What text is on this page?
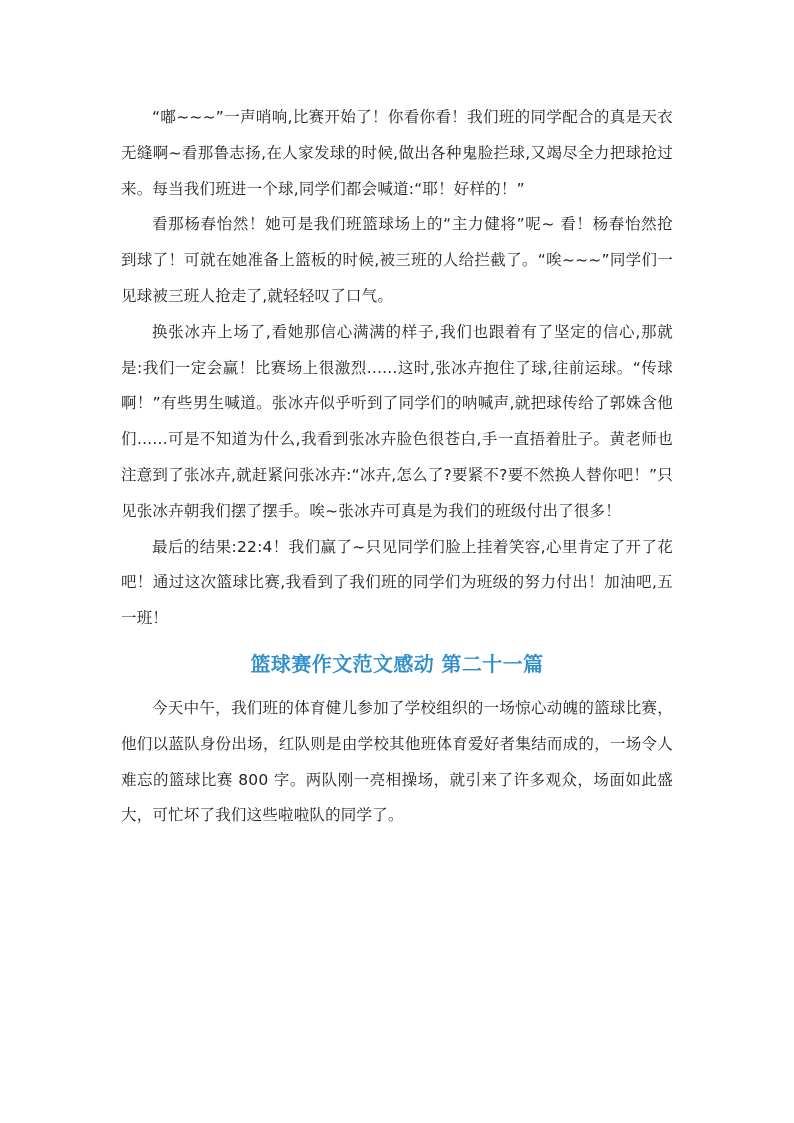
“嘟~~~”一声哨响,比赛开始了！你看你看！我们班的同学配合的真是天衣无缝啊~看那鲁志扬,在人家发球的时候,做出各种鬼脸拦球,又竭尽全力把球抢过来。每当我们班进一个球,同学们都会喊道:“耶！好样的！”

看那杨春怡然！她可是我们班篮球场上的“主力健将”呢~ 看！杨春怡然抢到球了！可就在她准备上篮板的时候,被三班的人给拦截了。“唉~~~”同学们一见球被三班人抢走了,就轻轻叹了口气。

换张冰卉上场了,看她那信心满满的样子,我们也跟着有了坚定的信心,那就是:我们一定会赢！比赛场上很激烈......这时,张冰卉抱住了球,往前运球。“传球啊！”有些男生喊道。张冰卉似乎听到了同学们的呐喊声,就把球传给了郭姝含他们......可是不知道为什么,我看到张冰卉脸色很苍白,手一直捂着肚子。黄老师也注意到了张冰卉,就赶紧问张冰卉:“冰卉,怎么了?要紧不?要不然换人替你吧！”只见张冰卉朝我们摆了摆手。唉~张冰卉可真是为我们的班级付出了很多！

最后的结果:22:4！我们赢了~只见同学们脸上挂着笑容,心里肯定了开了花吧！通过这次篮球比赛,我看到了我们班的同学们为班级的努力付出！加油吧,五一班！

篮球赛作文范文感动 第二十一篇

今天中午，我们班的体育健儿参加了学校组织的一场惊心动魄的篮球比赛，他们以蓝队身份出场，红队则是由学校其他班体育爱好者集结而成的，一场令人难忘的篮球比赛 800 字。两队刚一亮相操场，就引来了许多观众，场面如此盛大，可忙坏了我们这些啦啦队的同学了。
